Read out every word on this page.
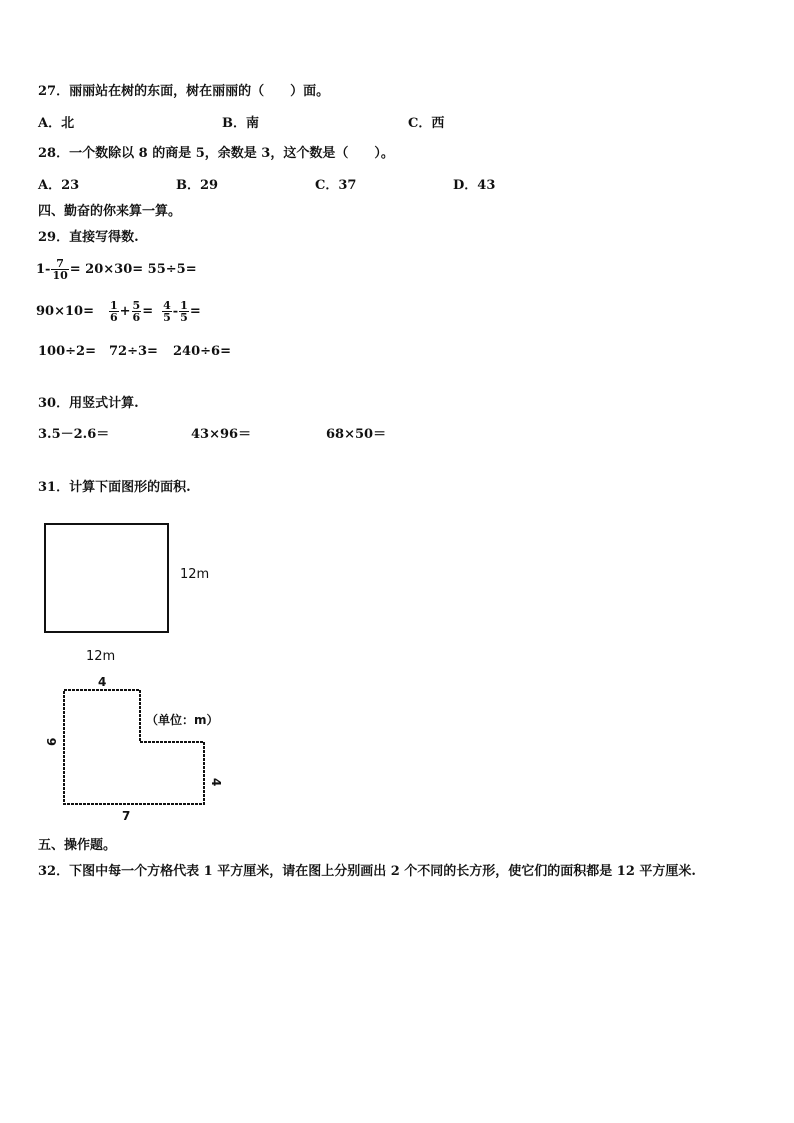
27．丽丽站在树的东面，树在丽丽的（　　）面。
A．北	B．南	C．西
28．一个数除以 8 的商是 5，余数是 3，这个数是（　　）。
A．23	B．29	C．37	D．43
四、勤奋的你来算一算。
29．直接写得数.
$1- \frac{7}{10} = 20\times 30= 55\div 5=$
$90\times 10= \frac{1}{6} + \frac{5}{6} = \frac{4}{5} - \frac{1}{5}$ =
100÷2= 72÷3= 240÷6=
30．用竖式计算.
3.5－2.6＝	43×96＝	68×50＝
31．计算下面图形的面积.
12m
12m
4
6
4
7
（单位：m）
五、操作题。
32．下图中每一个方格代表 1 平方厘米，请在图上分别画出 2 个不同的长方形，使它们的面积都是 12 平方厘米.
